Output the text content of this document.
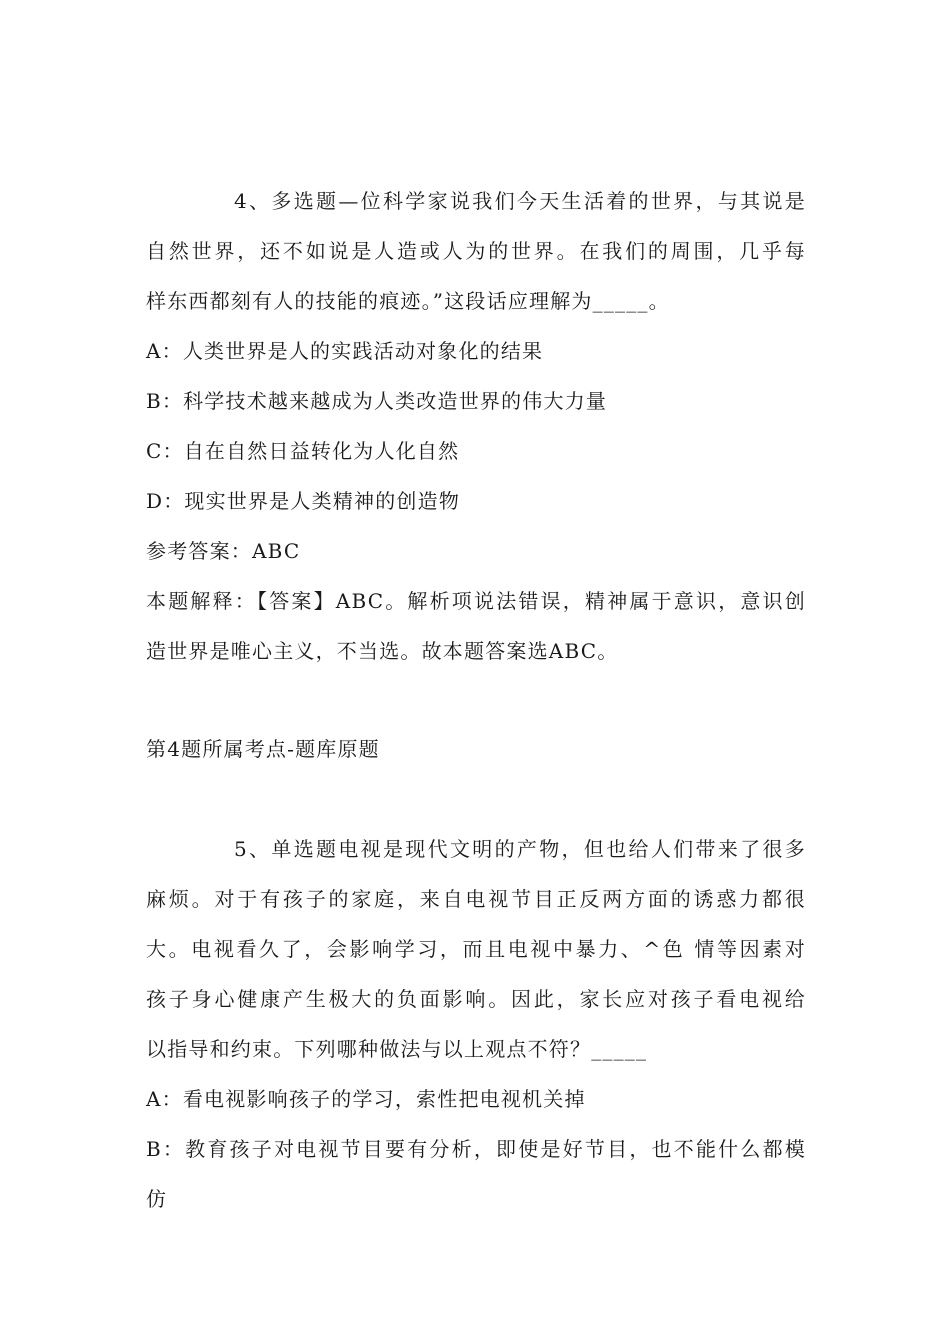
4、多选题—位科学家说我们今天生活着的世界，与其说是
自然世界，还不如说是人造或人为的世界。在我们的周围，几乎每
样东西都刻有人的技能的痕迹。”这段话应理解为_____。
A：人类世界是人的实践活动对象化的结果
B：科学技术越来越成为人类改造世界的伟大力量
C：自在自然日益转化为人化自然
D：现实世界是人类精神的创造物
参考答案：ABC
本题解释：【答案】ABC。解析项说法错误，精神属于意识，意识创
造世界是唯心主义，不当选。故本题答案选ABC。
第4题所属考点-题库原题
5、单选题电视是现代文明的产物，但也给人们带来了很多
麻烦。对于有孩子的家庭，来自电视节目正反两方面的诱惑力都很
大。电视看久了，会影响学习，而且电视中暴力、^色 情等因素对
孩子身心健康产生极大的负面影响。因此，家长应对孩子看电视给
以指导和约束。下列哪种做法与以上观点不符？_____
A：看电视影响孩子的学习，索性把电视机关掉
B：教育孩子对电视节目要有分析，即使是好节目，也不能什么都模
仿
